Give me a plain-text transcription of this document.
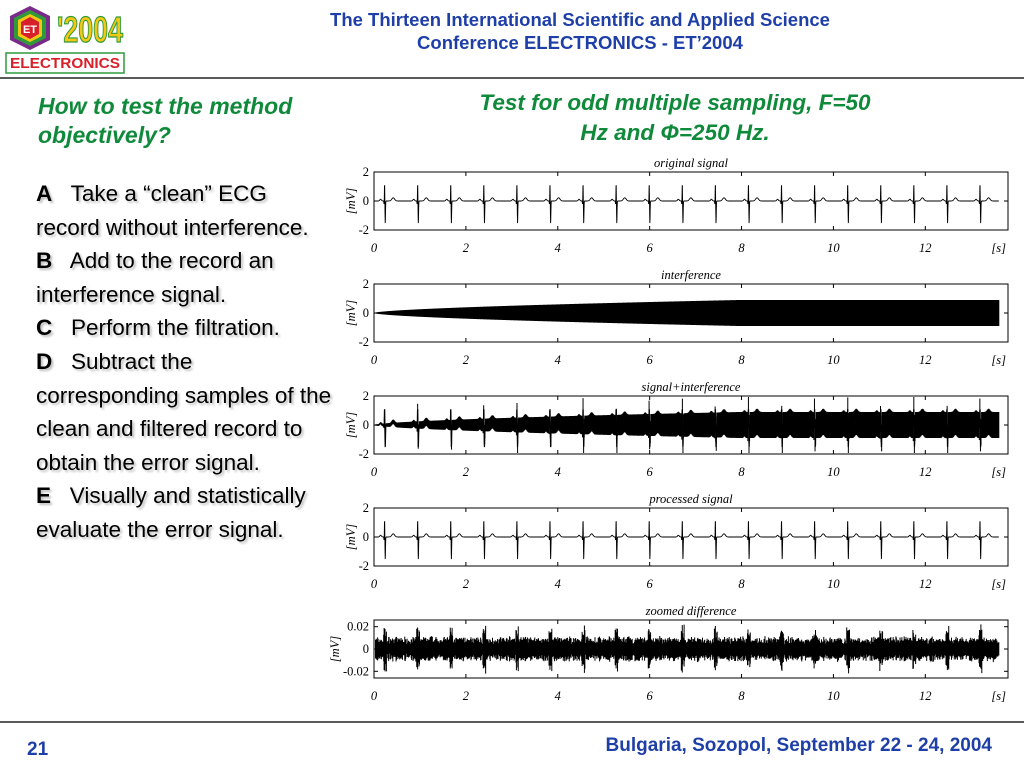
ET '2004
ELECTRONICS
The Thirteen International Scientific and Applied Science
Conference ELECTRONICS - ET’2004
How to test the method objectively?
Test for odd multiple sampling, F=50
Hz and Φ=250 Hz.

A Take a “clean” ECG record without interference.

B Add to the record an interference signal.

C Perform the filtration.

D Subtract the corresponding samples of the clean and filtered record to obtain the error signal.

E Visually and statistically evaluate the error signal.

original signal
[mV]
2
0
-2
0	2	4	6	8	10	12	[s]
interference
[mV]
2
0
-2
0	2	4	6	8	10	12	[s]
signal+interference
[mV]
2
0
-2
0	2	4	6	8	10	12	[s]
processed signal
[mV]
2
0
-2
0	2	4	6	8	10	12	[s]
zoomed difference
[mV]
0.02
0
-0.02
0	2	4	6	8	10	12	[s]
21	Bulgaria, Sozopol, September 22 - 24, 2004
